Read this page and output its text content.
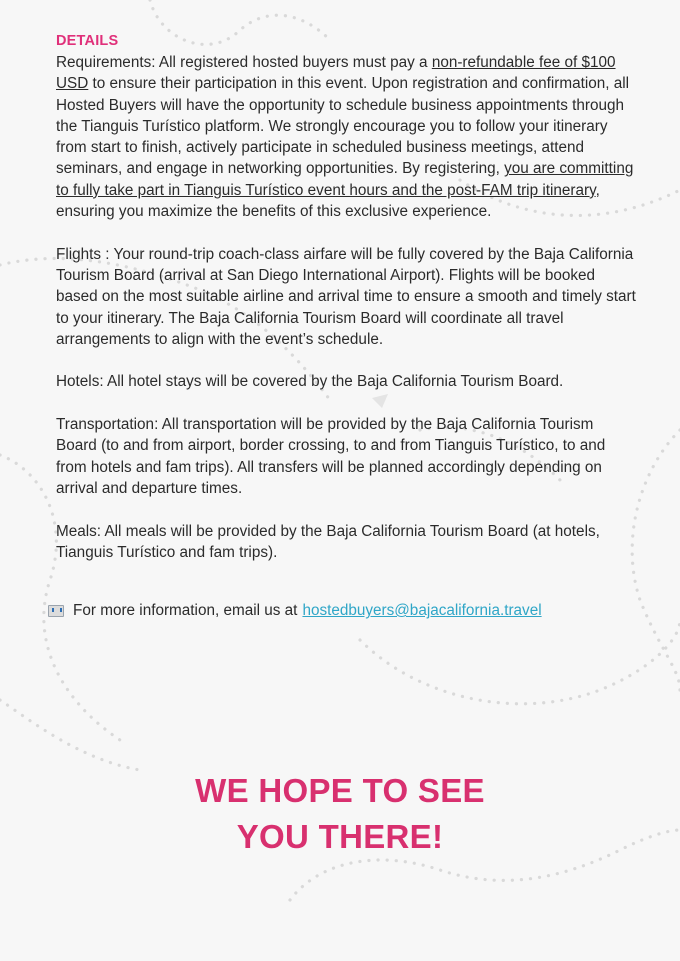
DETAILS

Requirements: All registered hosted buyers must pay a non-refundable fee of $100 USD to ensure their participation in this event. Upon registration and confirmation, all Hosted Buyers will have the opportunity to schedule business appointments through the Tianguis Turístico platform. We strongly encourage you to follow your itinerary from start to finish, actively participate in scheduled business meetings, attend seminars, and engage in networking opportunities. By registering, you are committing to fully take part in Tianguis Turístico event hours and the post-FAM trip itinerary, ensuring you maximize the benefits of this exclusive experience.

Flights : Your round-trip coach-class airfare will be fully covered by the Baja California Tourism Board (arrival at San Diego International Airport). Flights will be booked based on the most suitable airline and arrival time to ensure a smooth and timely start to your itinerary. The Baja California Tourism Board will coordinate all travel arrangements to align with the event’s schedule.

Hotels: All hotel stays will be covered by the Baja California Tourism Board.

Transportation: All transportation will be provided by the Baja California Tourism Board (to and from airport, border crossing, to and from Tianguis Turístico, to and from hotels and fam trips). All transfers will be planned accordingly depending on arrival and departure times.

Meals: All meals will be provided by the Baja California Tourism Board (at hotels, Tianguis Turístico and fam trips).

For more information, email us at hostedbuyers@bajacalifornia.travel
WE HOPE TO SEE
YOU THERE!
